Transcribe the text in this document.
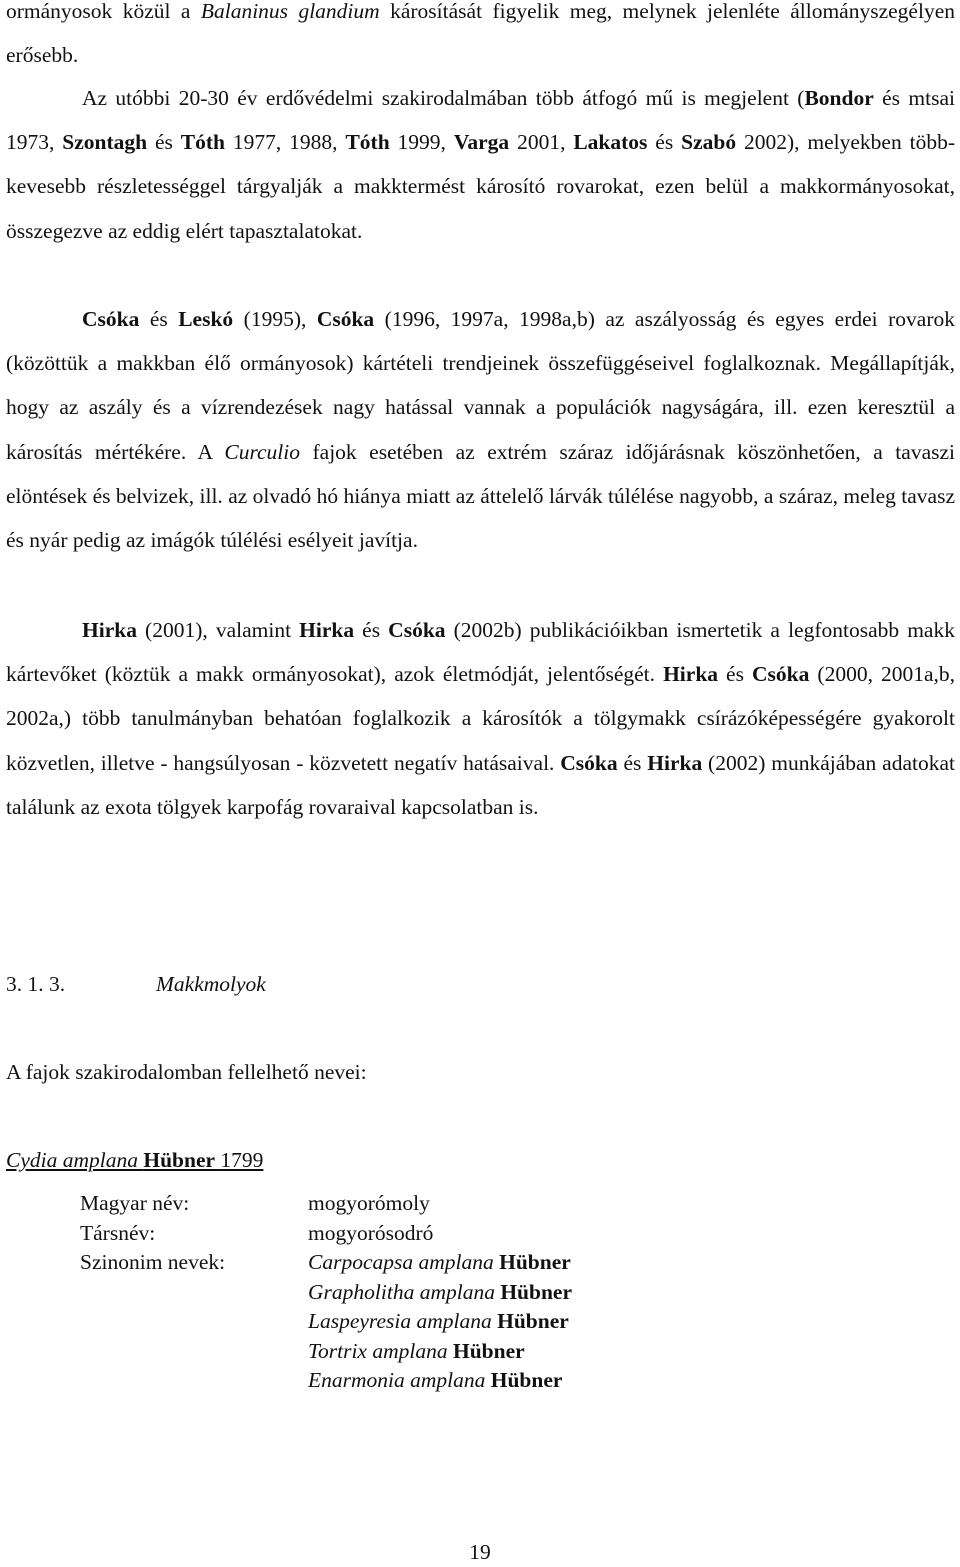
ormányosok közül a Balaninus glandium károsítását figyelik meg, melynek jelenléte állományszegélyen erősebb.

Az utóbbi 20-30 év erdővédelmi szakirodalmában több átfogó mű is megjelent (Bondor és mtsai 1973, Szontagh és Tóth 1977, 1988, Tóth 1999, Varga 2001, Lakatos és Szabó 2002), melyekben több-kevesebb részletességgel tárgyalják a makktermést károsító rovarokat, ezen belül a makkormányosokat, összegezve az eddig elért tapasztalatokat.

Csóka és Leskó (1995), Csóka (1996, 1997a, 1998a,b) az aszályosság és egyes erdei rovarok (közöttük a makkban élő ormányosok) kártételi trendjeinek összefüggéseivel foglalkoznak. Megállapítják, hogy az aszály és a vízrendezések nagy hatással vannak a populációk nagyságára, ill. ezen keresztül a károsítás mértékére. A Curculio fajok esetében az extrém száraz időjárásnak köszönhetően, a tavaszi elöntések és belvizek, ill. az olvadó hó hiánya miatt az áttelelő lárvák túlélése nagyobb, a száraz, meleg tavasz és nyár pedig az imágók túlélési esélyeit javítja.

Hirka (2001), valamint Hirka és Csóka (2002b) publikációikban ismertetik a legfontosabb makk kártevőket (köztük a makk ormányosokat), azok életmódját, jelentőségét. Hirka és Csóka (2000, 2001a,b, 2002a,) több tanulmányban behatóan foglalkozik a károsítók a tölgymakk csírázóképességére gyakorolt közvetlen, illetve - hangsúlyosan - közvetett negatív hatásaival. Csóka és Hirka (2002) munkájában adatokat találunk az exota tölgyek karpofág rovaraival kapcsolatban is.

3. 1. 3.	Makkmolyok

A fajok szakirodalomban fellelhető nevei:

Cydia amplana Hübner 1799

Magyar név:	mogyorómoly
Társnév:	mogyorósodró
Szinonim nevek:	Carpocapsa amplana Hübner
Grapholitha amplana Hübner
Laspeyresia amplana Hübner
Tortrix amplana Hübner
Enarmonia amplana Hübner
19
